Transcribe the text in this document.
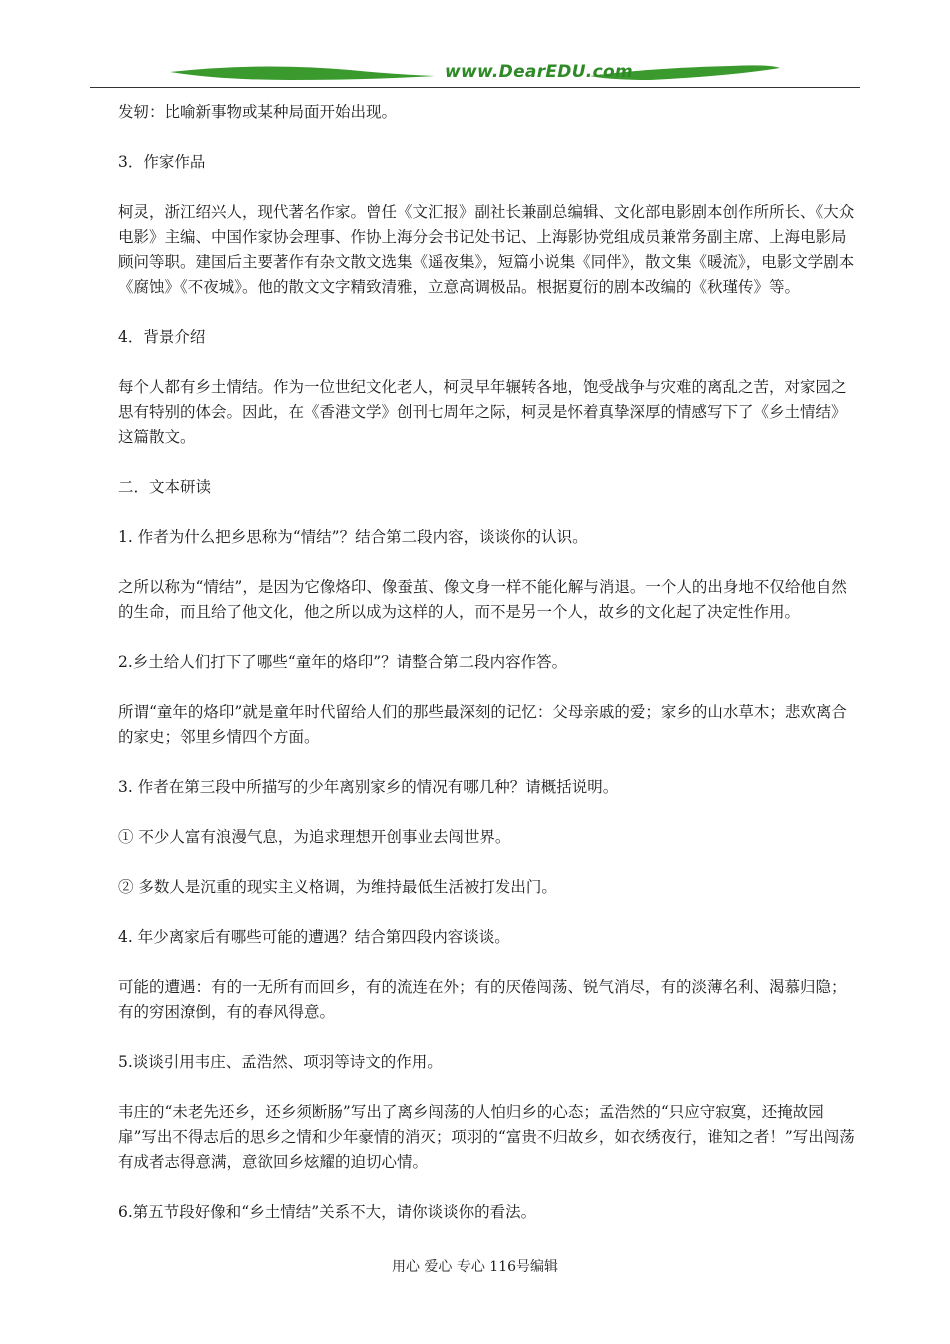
www.DearEDU.com

发轫：比喻新事物或某种局面开始出现。

3．作家作品

柯灵，浙江绍兴人，现代著名作家。曾任《文汇报》副社长兼副总编辑、文化部电影剧本创作所所长、《大众电影》主编、中国作家协会理事、作协上海分会书记处书记、上海影协党组成员兼常务副主席、上海电影局顾问等职。建国后主要著作有杂文散文选集《遥夜集》，短篇小说集《同伴》，散文集《暖流》，电影文学剧本《腐蚀》《不夜城》。他的散文文字精致清雅，立意高调极品。根据夏衍的剧本改编的《秋瑾传》等。

4．背景介绍

每个人都有乡土情结。作为一位世纪文化老人，柯灵早年辗转各地，饱受战争与灾难的离乱之苦，对家园之思有特别的体会。因此，在《香港文学》创刊七周年之际，柯灵是怀着真挚深厚的情感写下了《乡土情结》这篇散文。

二．文本研读

1. 作者为什么把乡思称为“情结”？结合第二段内容，谈谈你的认识。

之所以称为“情结”，是因为它像烙印、像蚕茧、像文身一样不能化解与消退。一个人的出身地不仅给他自然的生命，而且给了他文化，他之所以成为这样的人，而不是另一个人，故乡的文化起了决定性作用。

2.乡土给人们打下了哪些“童年的烙印”？请整合第二段内容作答。

所谓“童年的烙印”就是童年时代留给人们的那些最深刻的记忆：父母亲戚的爱；家乡的山水草木；悲欢离合的家史；邻里乡情四个方面。

3. 作者在第三段中所描写的少年离别家乡的情况有哪几种？请概括说明。

① 不少人富有浪漫气息，为追求理想开创事业去闯世界。

② 多数人是沉重的现实主义格调，为维持最低生活被打发出门。

4. 年少离家后有哪些可能的遭遇？结合第四段内容谈谈。

可能的遭遇：有的一无所有而回乡，有的流连在外；有的厌倦闯荡、锐气消尽，有的淡薄名利、渴慕归隐；有的穷困潦倒，有的春风得意。

5.谈谈引用韦庄、孟浩然、项羽等诗文的作用。

韦庄的“未老先还乡，还乡须断肠”写出了离乡闯荡的人怕归乡的心态；孟浩然的“只应守寂寞，还掩故园扉”写出不得志后的思乡之情和少年豪情的消灭；项羽的“富贵不归故乡，如衣绣夜行，谁知之者！”写出闯荡有成者志得意满，意欲回乡炫耀的迫切心情。

6.第五节段好像和“乡土情结”关系不大，请你谈谈你的看法。

用心 爱心 专心 116号编辑
